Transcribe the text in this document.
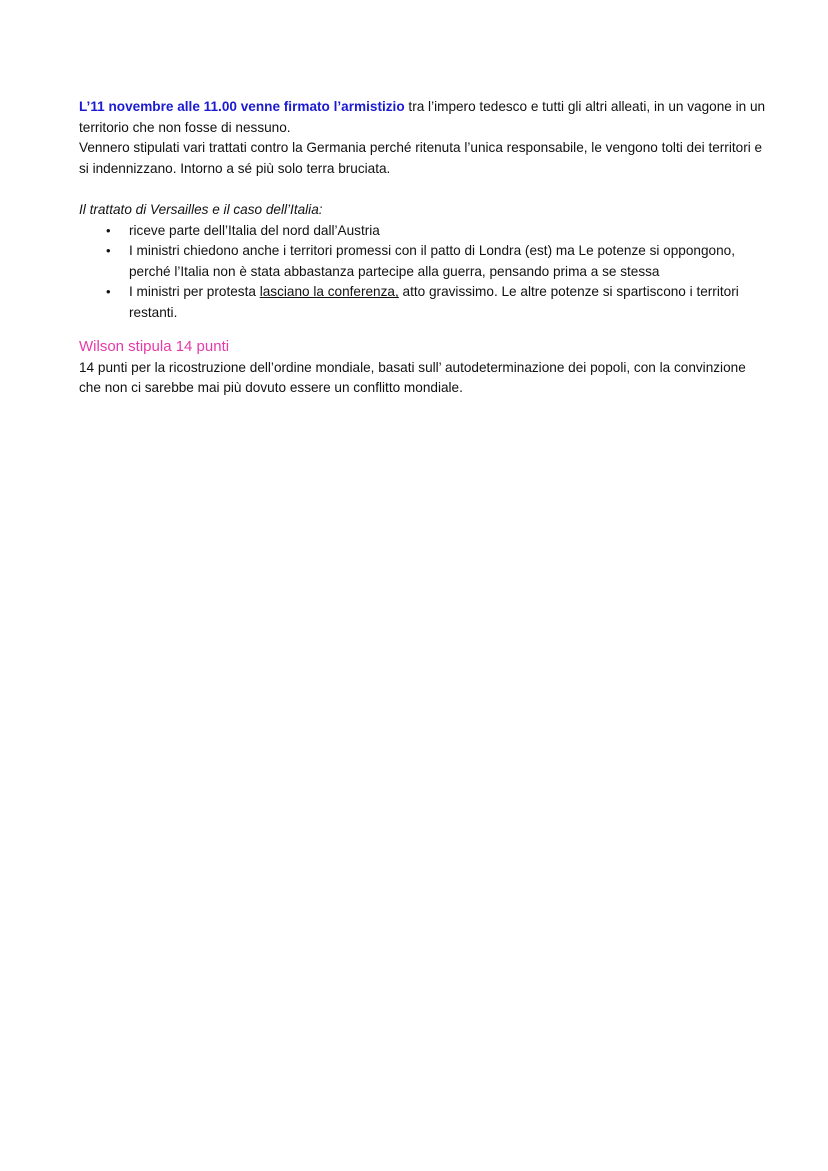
L’11 novembre alle 11.00 venne firmato l’armistizio tra l’impero tedesco e tutti gli altri alleati, in un vagone in un territorio che non fosse di nessuno.

Vennero stipulati vari trattati contro la Germania perché ritenuta l’unica responsabile, le vengono tolti dei territori e si indennizzano. Intorno a sé più solo terra bruciata.

Il trattato di Versailles e il caso dell’Italia:

• riceve parte dell’Italia del nord dall’Austria
• I ministri chiedono anche i territori promessi con il patto di Londra (est) ma Le potenze si oppongono, perché l’Italia non è stata abbastanza partecipe alla guerra, pensando prima a se stessa
• I ministri per protesta lasciano la conferenza, atto gravissimo. Le altre potenze si spartiscono i territori restanti.

Wilson stipula 14 punti

14 punti per la ricostruzione dell’ordine mondiale, basati sull’ autodeterminazione dei popoli, con la convinzione che non ci sarebbe mai più dovuto essere un conflitto mondiale.
